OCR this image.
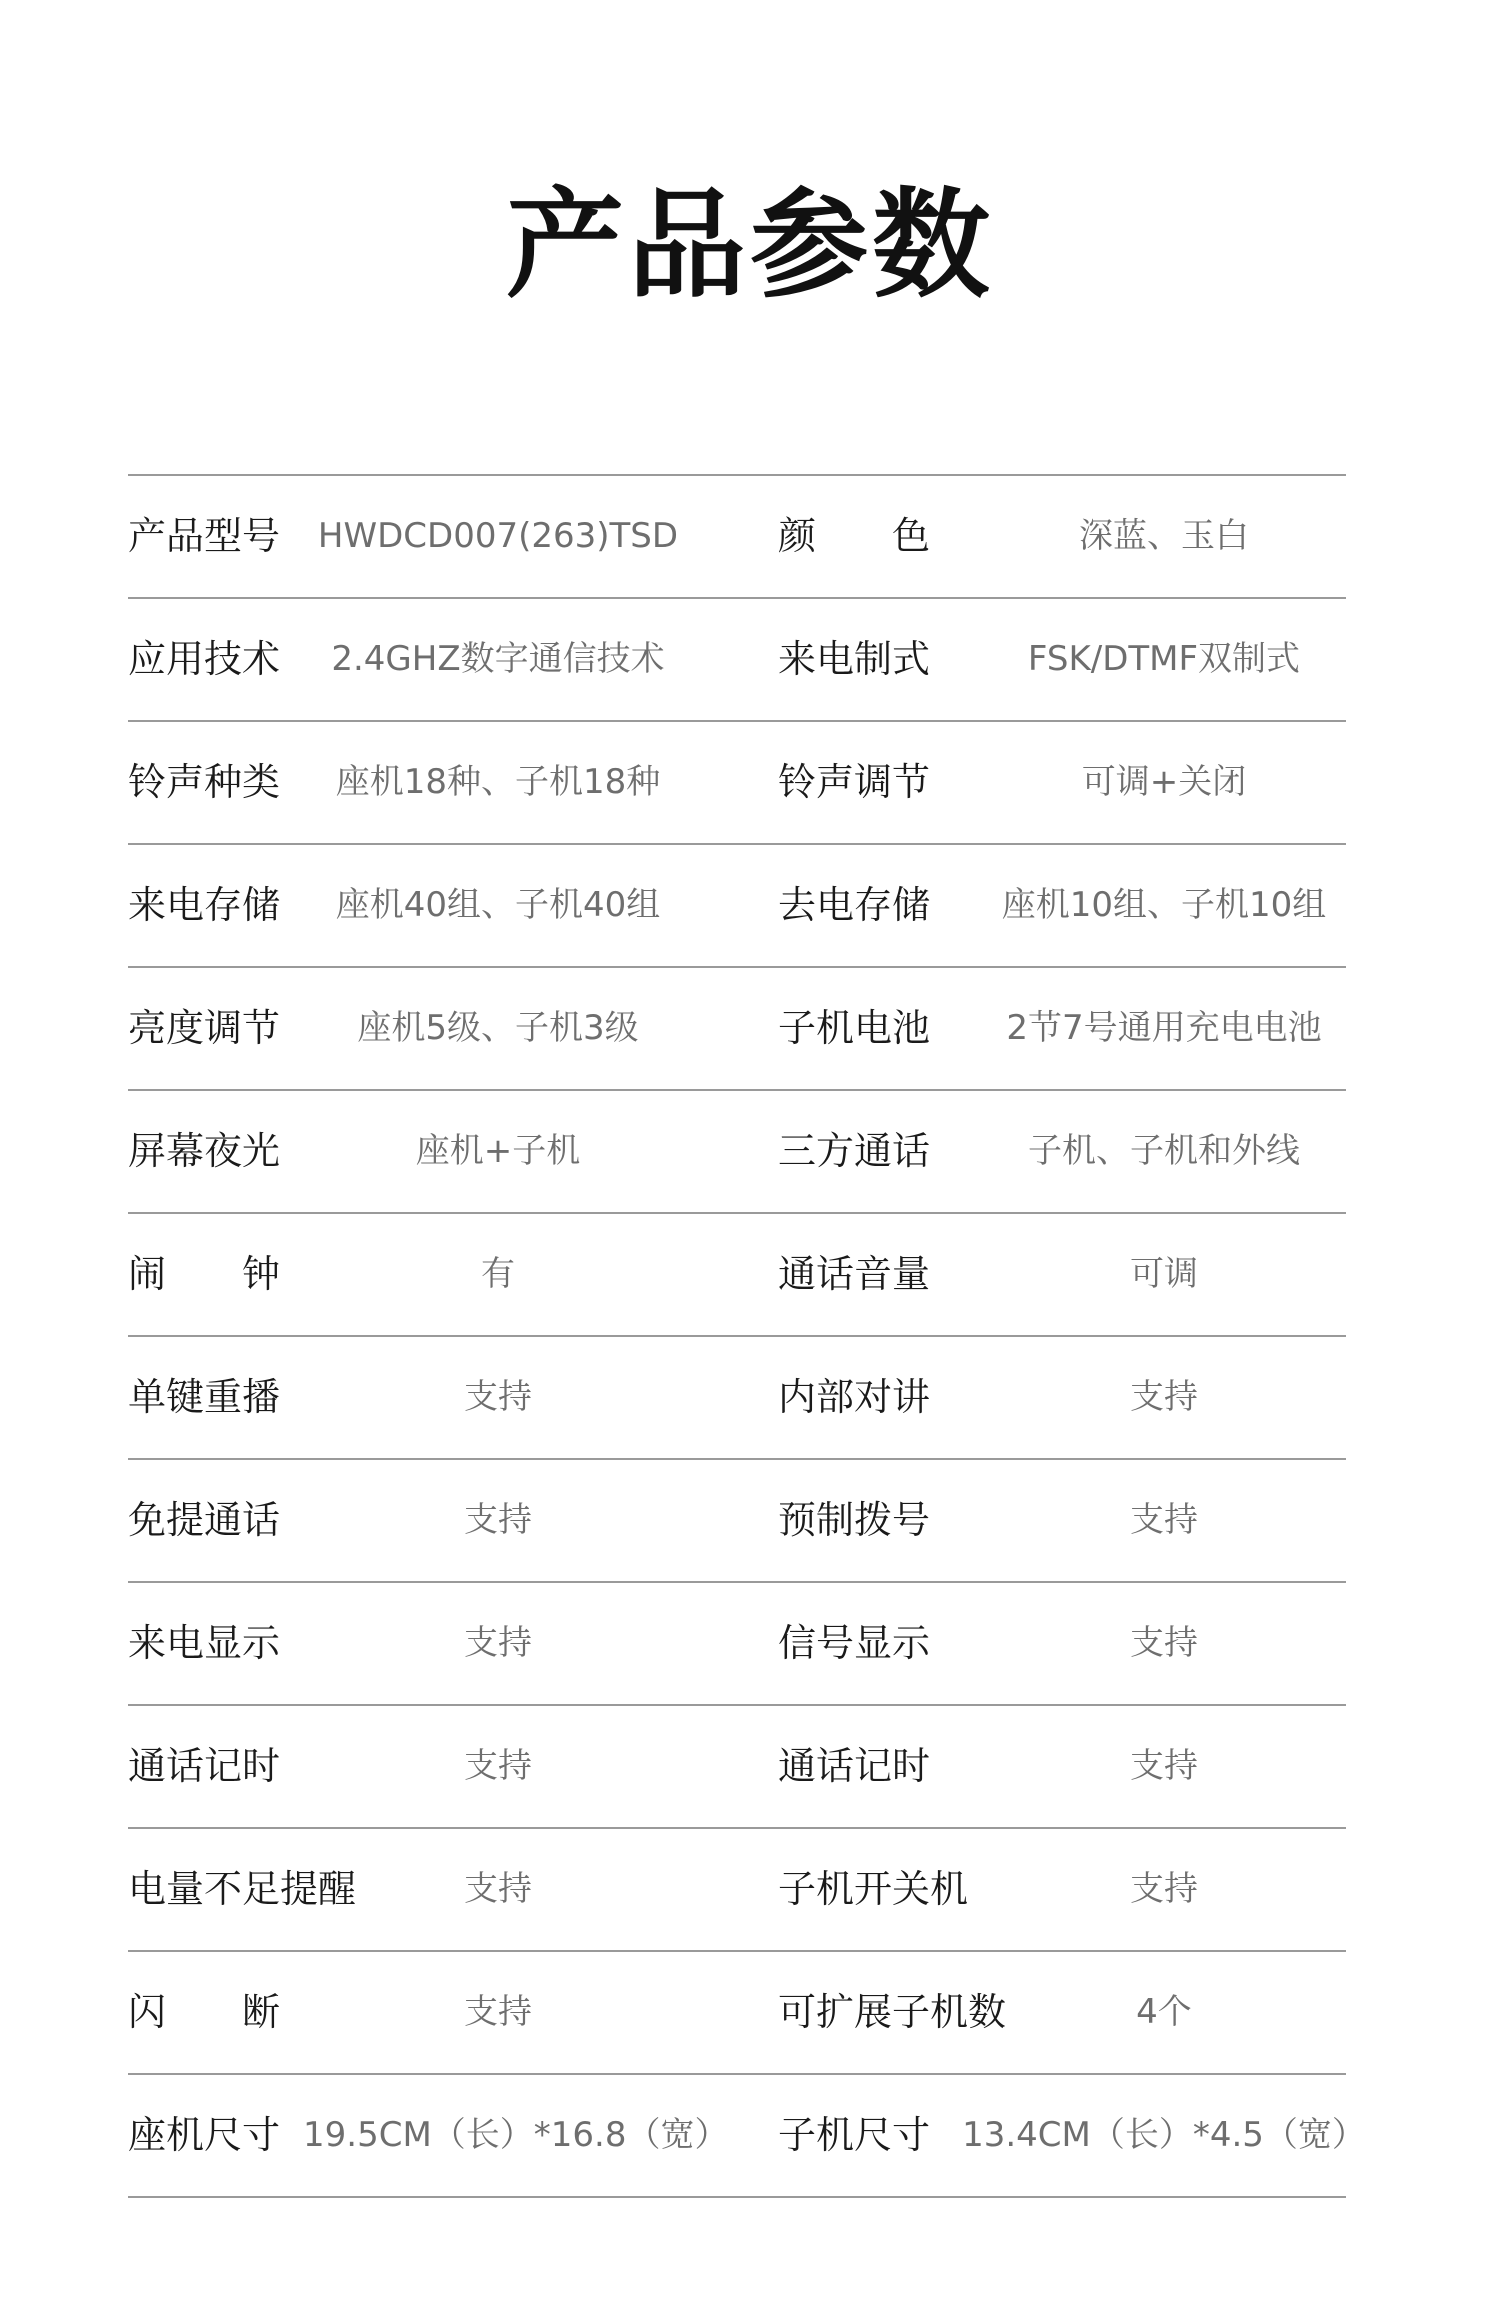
产品参数
产品型号	HWDCD007(263)TSD	颜　　色	深蓝、玉白
应用技术	2.4GHZ数字通信技术	来电制式	FSK/DTMF双制式
铃声种类	座机18种、子机18种	铃声调节	可调+关闭
来电存储	座机40组、子机40组	去电存储	座机10组、子机10组
亮度调节	座机5级、子机3级	子机电池	2节7号通用充电电池
屏幕夜光	座机+子机	三方通话	子机、子机和外线
闹　　钟	有	通话音量	可调
单键重播	支持	内部对讲	支持
免提通话	支持	预制拨号	支持
来电显示	支持	信号显示	支持
通话记时	支持	通话记时	支持
电量不足提醒	支持	子机开关机	支持
闪　　断	支持	可扩展子机数	4个
座机尺寸 19.5CM（长）*16.8（宽） 子机尺寸 13.4CM（长）*4.5（宽）
